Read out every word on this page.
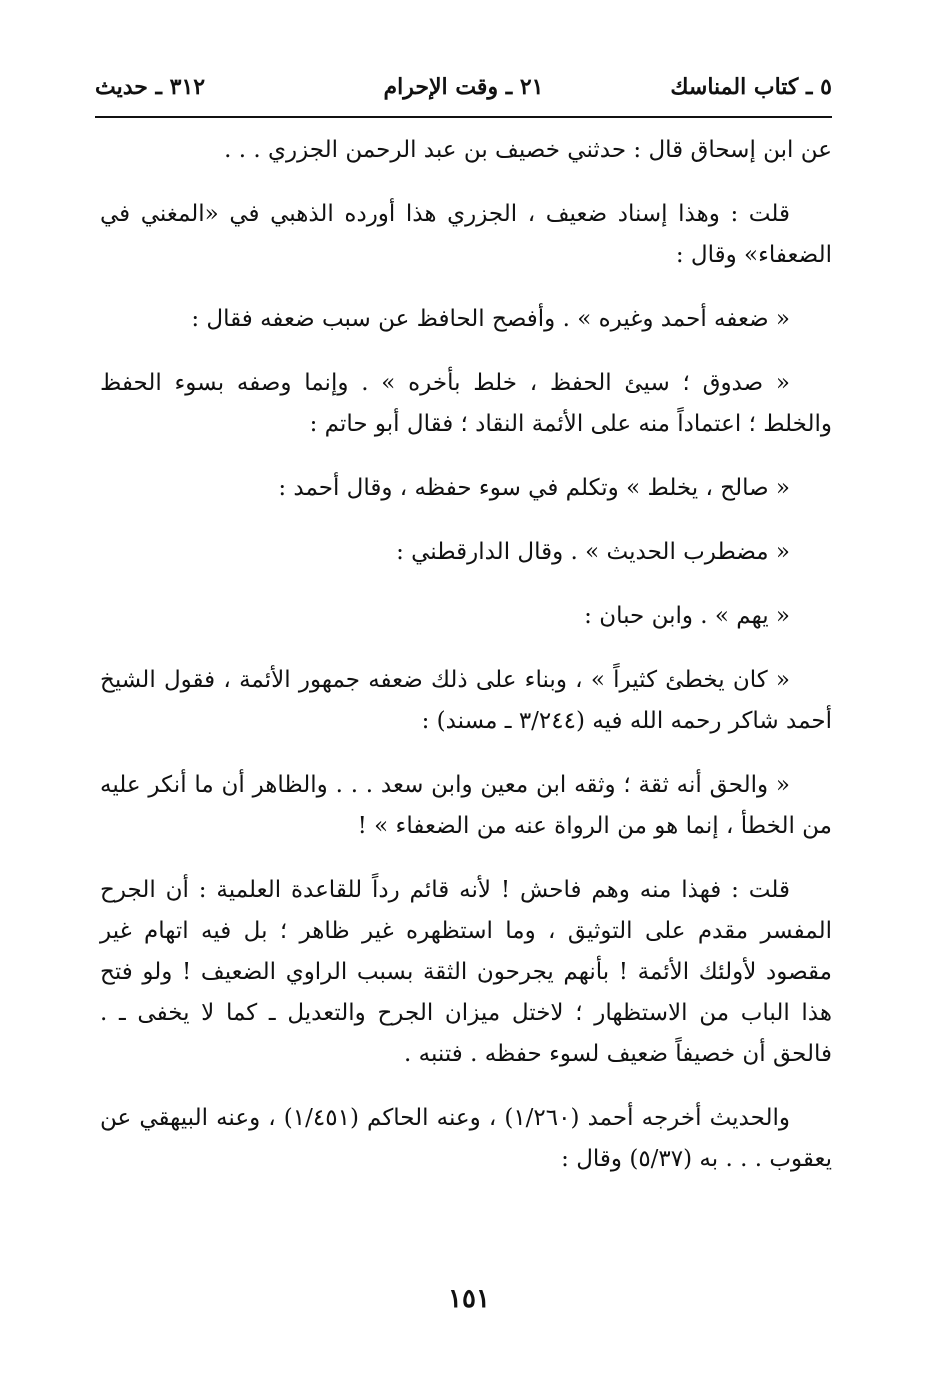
٥ ـ كتاب المناسك
٢١ ـ وقت الإحرام
٣١٢ ـ حديث

عن ابن إسحاق قال : حدثني خصيف بن عبد الرحمن الجزري . . .

قلت : وهذا إسناد ضعيف ، الجزري هذا أورده الذهبي في «المغني في الضعفاء» وقال :

« ضعفه أحمد وغيره » . وأفصح الحافظ عن سبب ضعفه فقال :

« صدوق ؛ سيئ الحفظ ، خلط بأخره » . وإنما وصفه بسوء الحفظ والخلط ؛ اعتماداً منه على الأئمة النقاد ؛ فقال أبو حاتم :

« صالح ، يخلط » وتكلم في سوء حفظه ، وقال أحمد :

« مضطرب الحديث » . وقال الدارقطني :

« يهم » . وابن حبان :

« كان يخطئ كثيراً » ، وبناء على ذلك ضعفه جمهور الأئمة ، فقول الشيخ أحمد شاكر رحمه الله فيه (٣/٢٤٤ ـ مسند) :

« والحق أنه ثقة ؛ وثقه ابن معين وابن سعد . . . والظاهر أن ما أنكر عليه من الخطأ ، إنما هو من الرواة عنه من الضعفاء » !

قلت : فهذا منه وهم فاحش ! لأنه قائم رداً للقاعدة العلمية : أن الجرح المفسر مقدم على التوثيق ، وما استظهره غير ظاهر ؛ بل فيه اتهام غير مقصود لأولئك الأئمة ! بأنهم يجرحون الثقة بسبب الراوي الضعيف ! ولو فتح هذا الباب من الاستظهار ؛ لاختل ميزان الجرح والتعديل ـ كما لا يخفى ـ . فالحق أن خصيفاً ضعيف لسوء حفظه . فتنبه .

والحديث أخرجه أحمد (١/٢٦٠) ، وعنه الحاكم (١/٤٥١) ، وعنه البيهقي عن يعقوب . . . به (٥/٣٧) وقال :

١٥١
